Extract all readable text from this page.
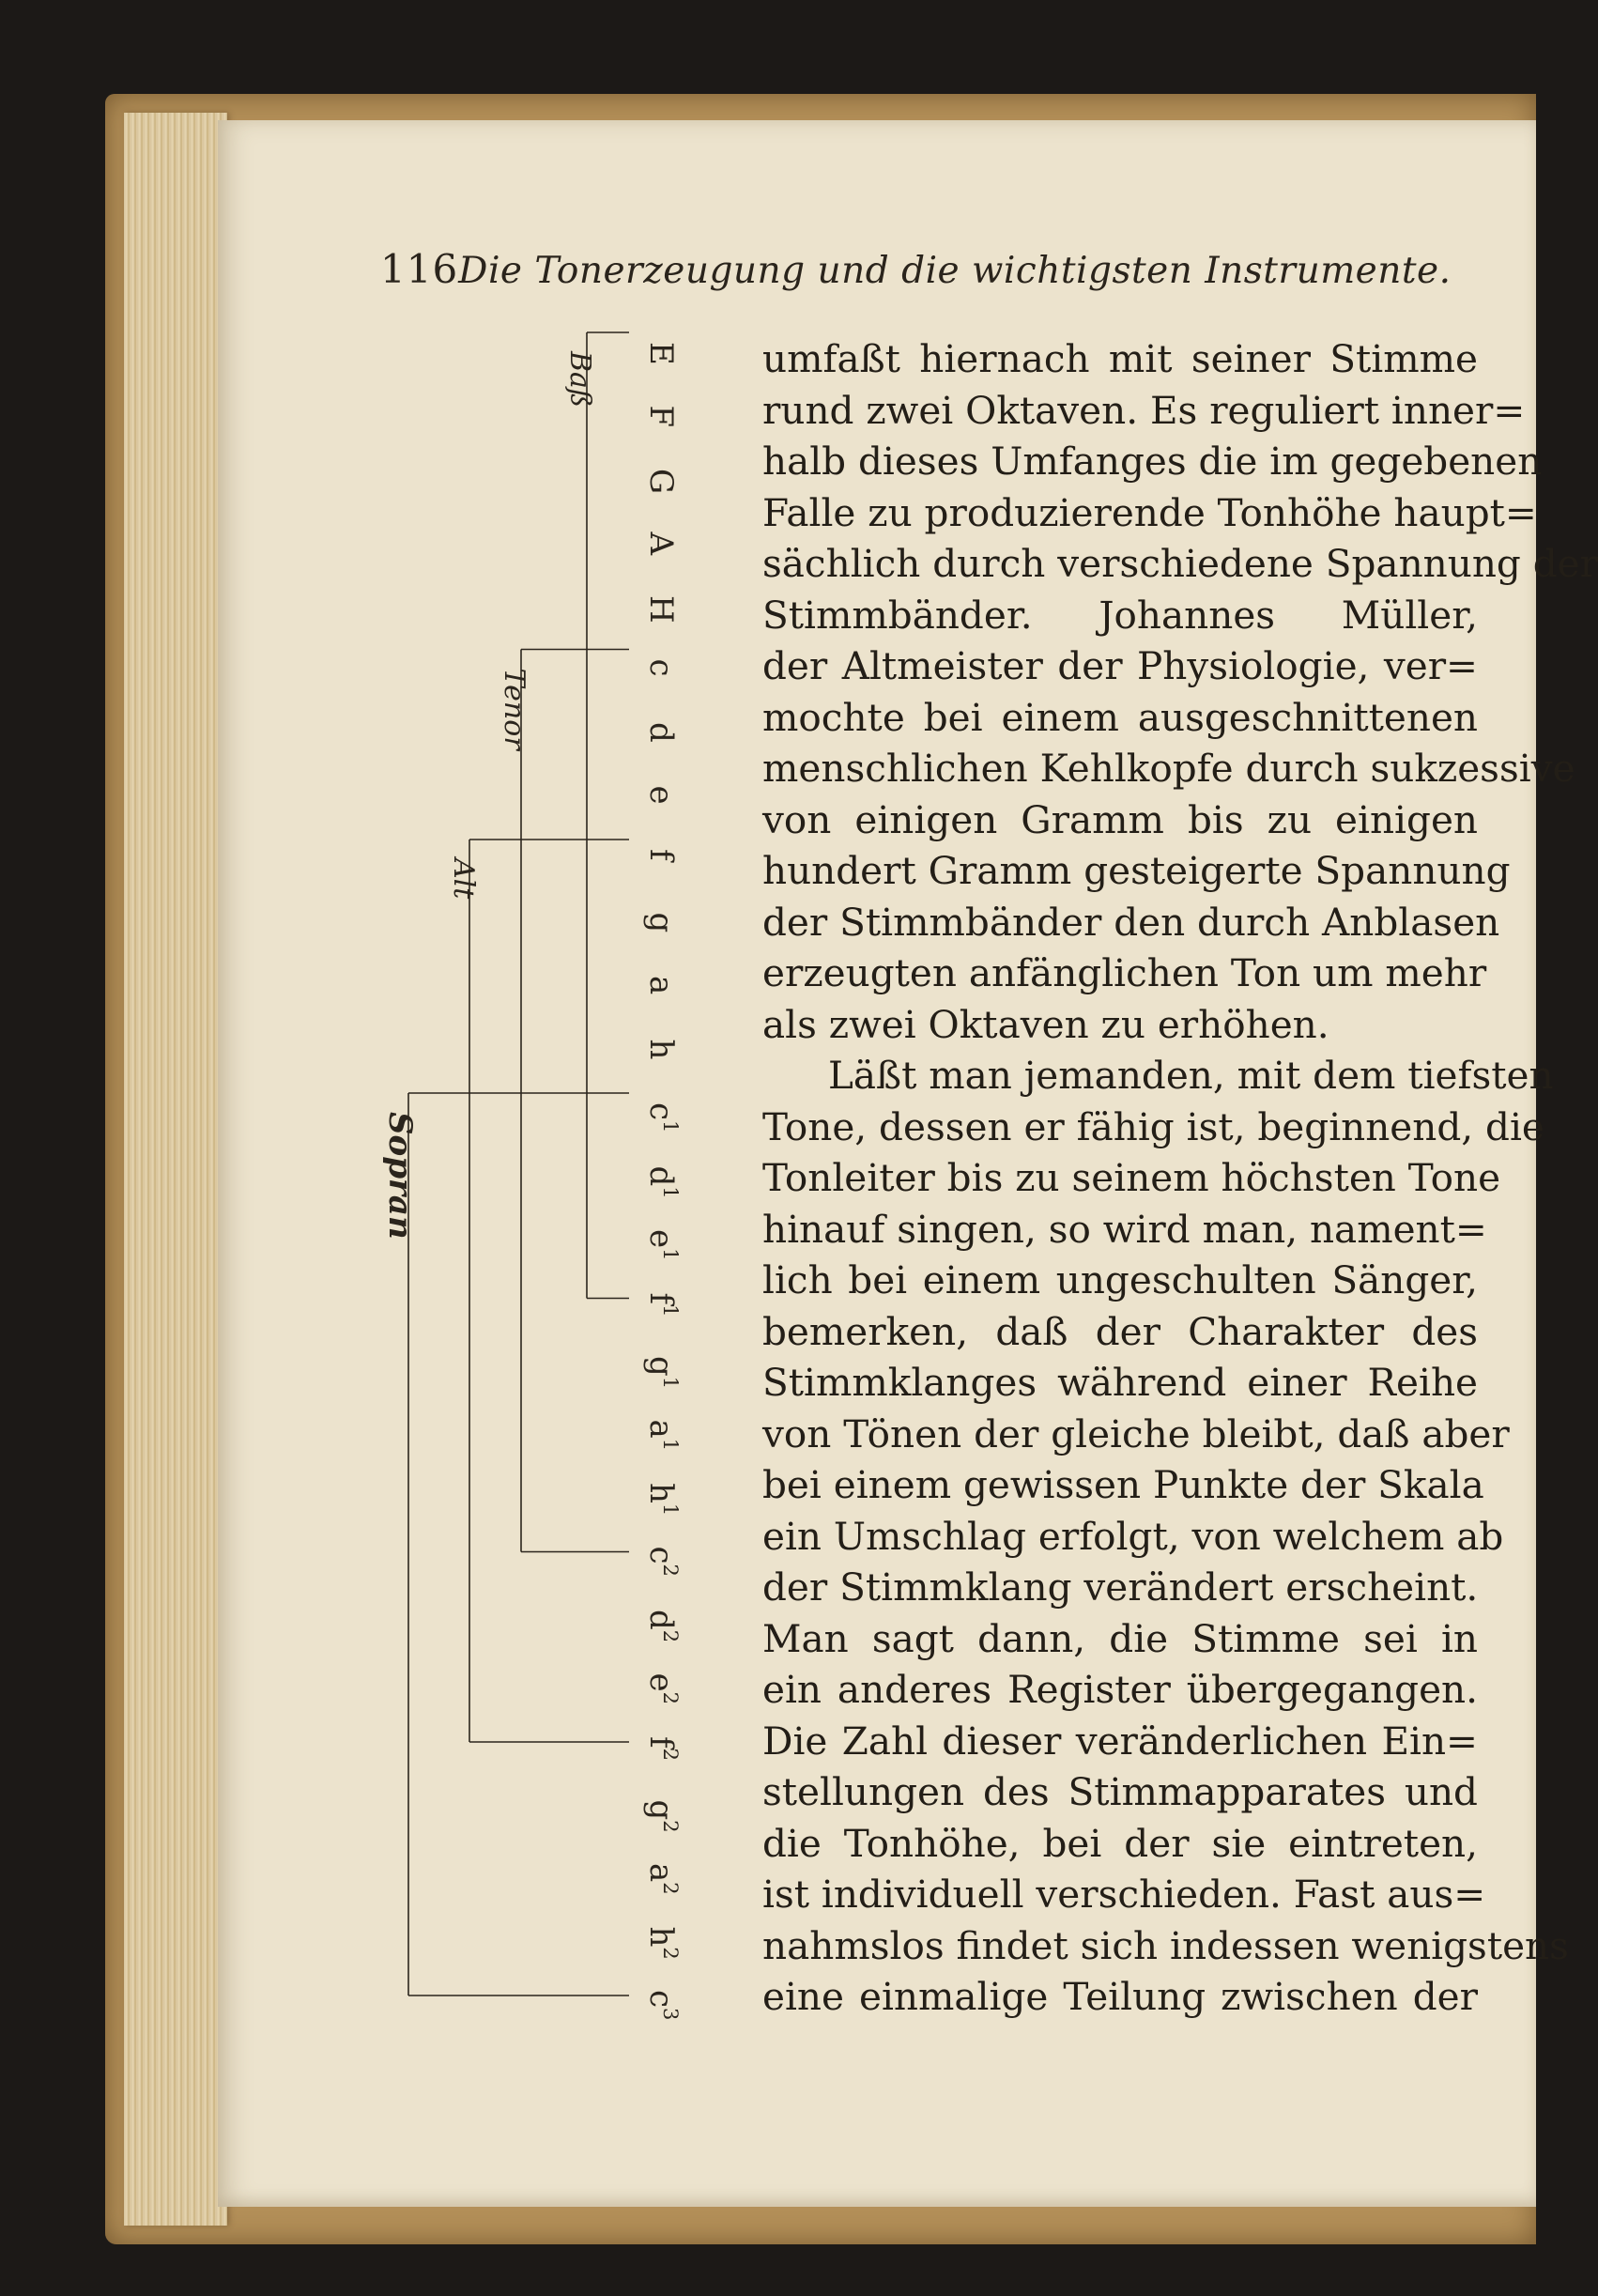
116 Die Tonerzeugung und die wichtigsten Instrumente.
E
F
G
A
H
c
d
e
f
g
a
h
$c^1$
$d^1$
$e^1$
$f^1$
$g^1$
$a^1$
$h^1$
$c^2$
$d^2$
$e^2$
$f^2$
$g^2$
$a^2$
$h^2$
$c^3$
Baß
Tenor
Alt
Sopran
umfaßt hiernach mit seiner Stimme
rund zwei Oktaven. Es reguliert inner=
halb dieses Umfanges die im gegebenen
Falle zu produzierende Tonhöhe haupt=
sächlich durch verschiedene Spannung der
Stimmbänder. Johannes Müller,
der Altmeister der Physiologie, ver=
mochte bei einem ausgeschnittenen
menschlichen Kehlkopfe durch sukzessive
von einigen Gramm bis zu einigen
hundert Gramm gesteigerte Spannung
der Stimmbänder den durch Anblasen
erzeugten anfänglichen Ton um mehr
als zwei Oktaven zu erhöhen.
Läßt man jemanden, mit dem tiefsten
Tone, dessen er fähig ist, beginnend, die
Tonleiter bis zu seinem höchsten Tone
hinauf singen, so wird man, nament=
lich bei einem ungeschulten Sänger,
bemerken, daß der Charakter des
Stimmklanges während einer Reihe
von Tönen der gleiche bleibt, daß aber
bei einem gewissen Punkte der Skala
ein Umschlag erfolgt, von welchem ab
der Stimmklang verändert erscheint.
Man sagt dann, die Stimme sei in
ein anderes Register übergegangen.
Die Zahl dieser veränderlichen Ein=
stellungen des Stimmapparates und
die Tonhöhe, bei der sie eintreten,
ist individuell verschieden. Fast aus=
nahmslos findet sich indessen wenigstens
eine einmalige Teilung zwischen der
